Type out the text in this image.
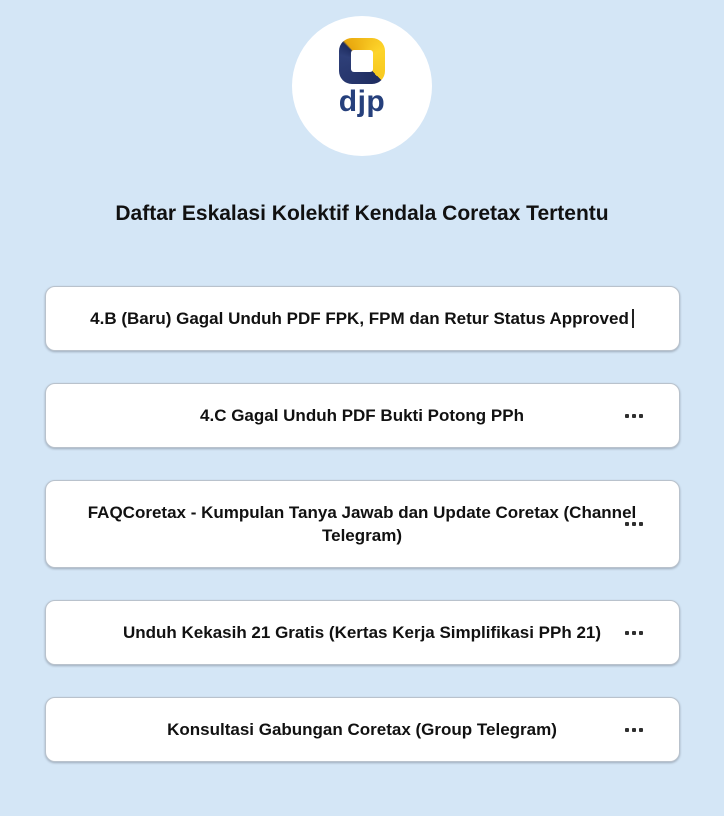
djp
Daftar Eskalasi Kolektif Kendala Coretax Tertentu
4.B (Baru) Gagal Unduh PDF FPK, FPM dan Retur Status Approved
4.C Gagal Unduh PDF Bukti Potong PPh
FAQCoretax - Kumpulan Tanya Jawab dan Update Coretax (Channel Telegram)
Unduh Kekasih 21 Gratis (Kertas Kerja Simplifikasi PPh 21)
Konsultasi Gabungan Coretax (Group Telegram)
